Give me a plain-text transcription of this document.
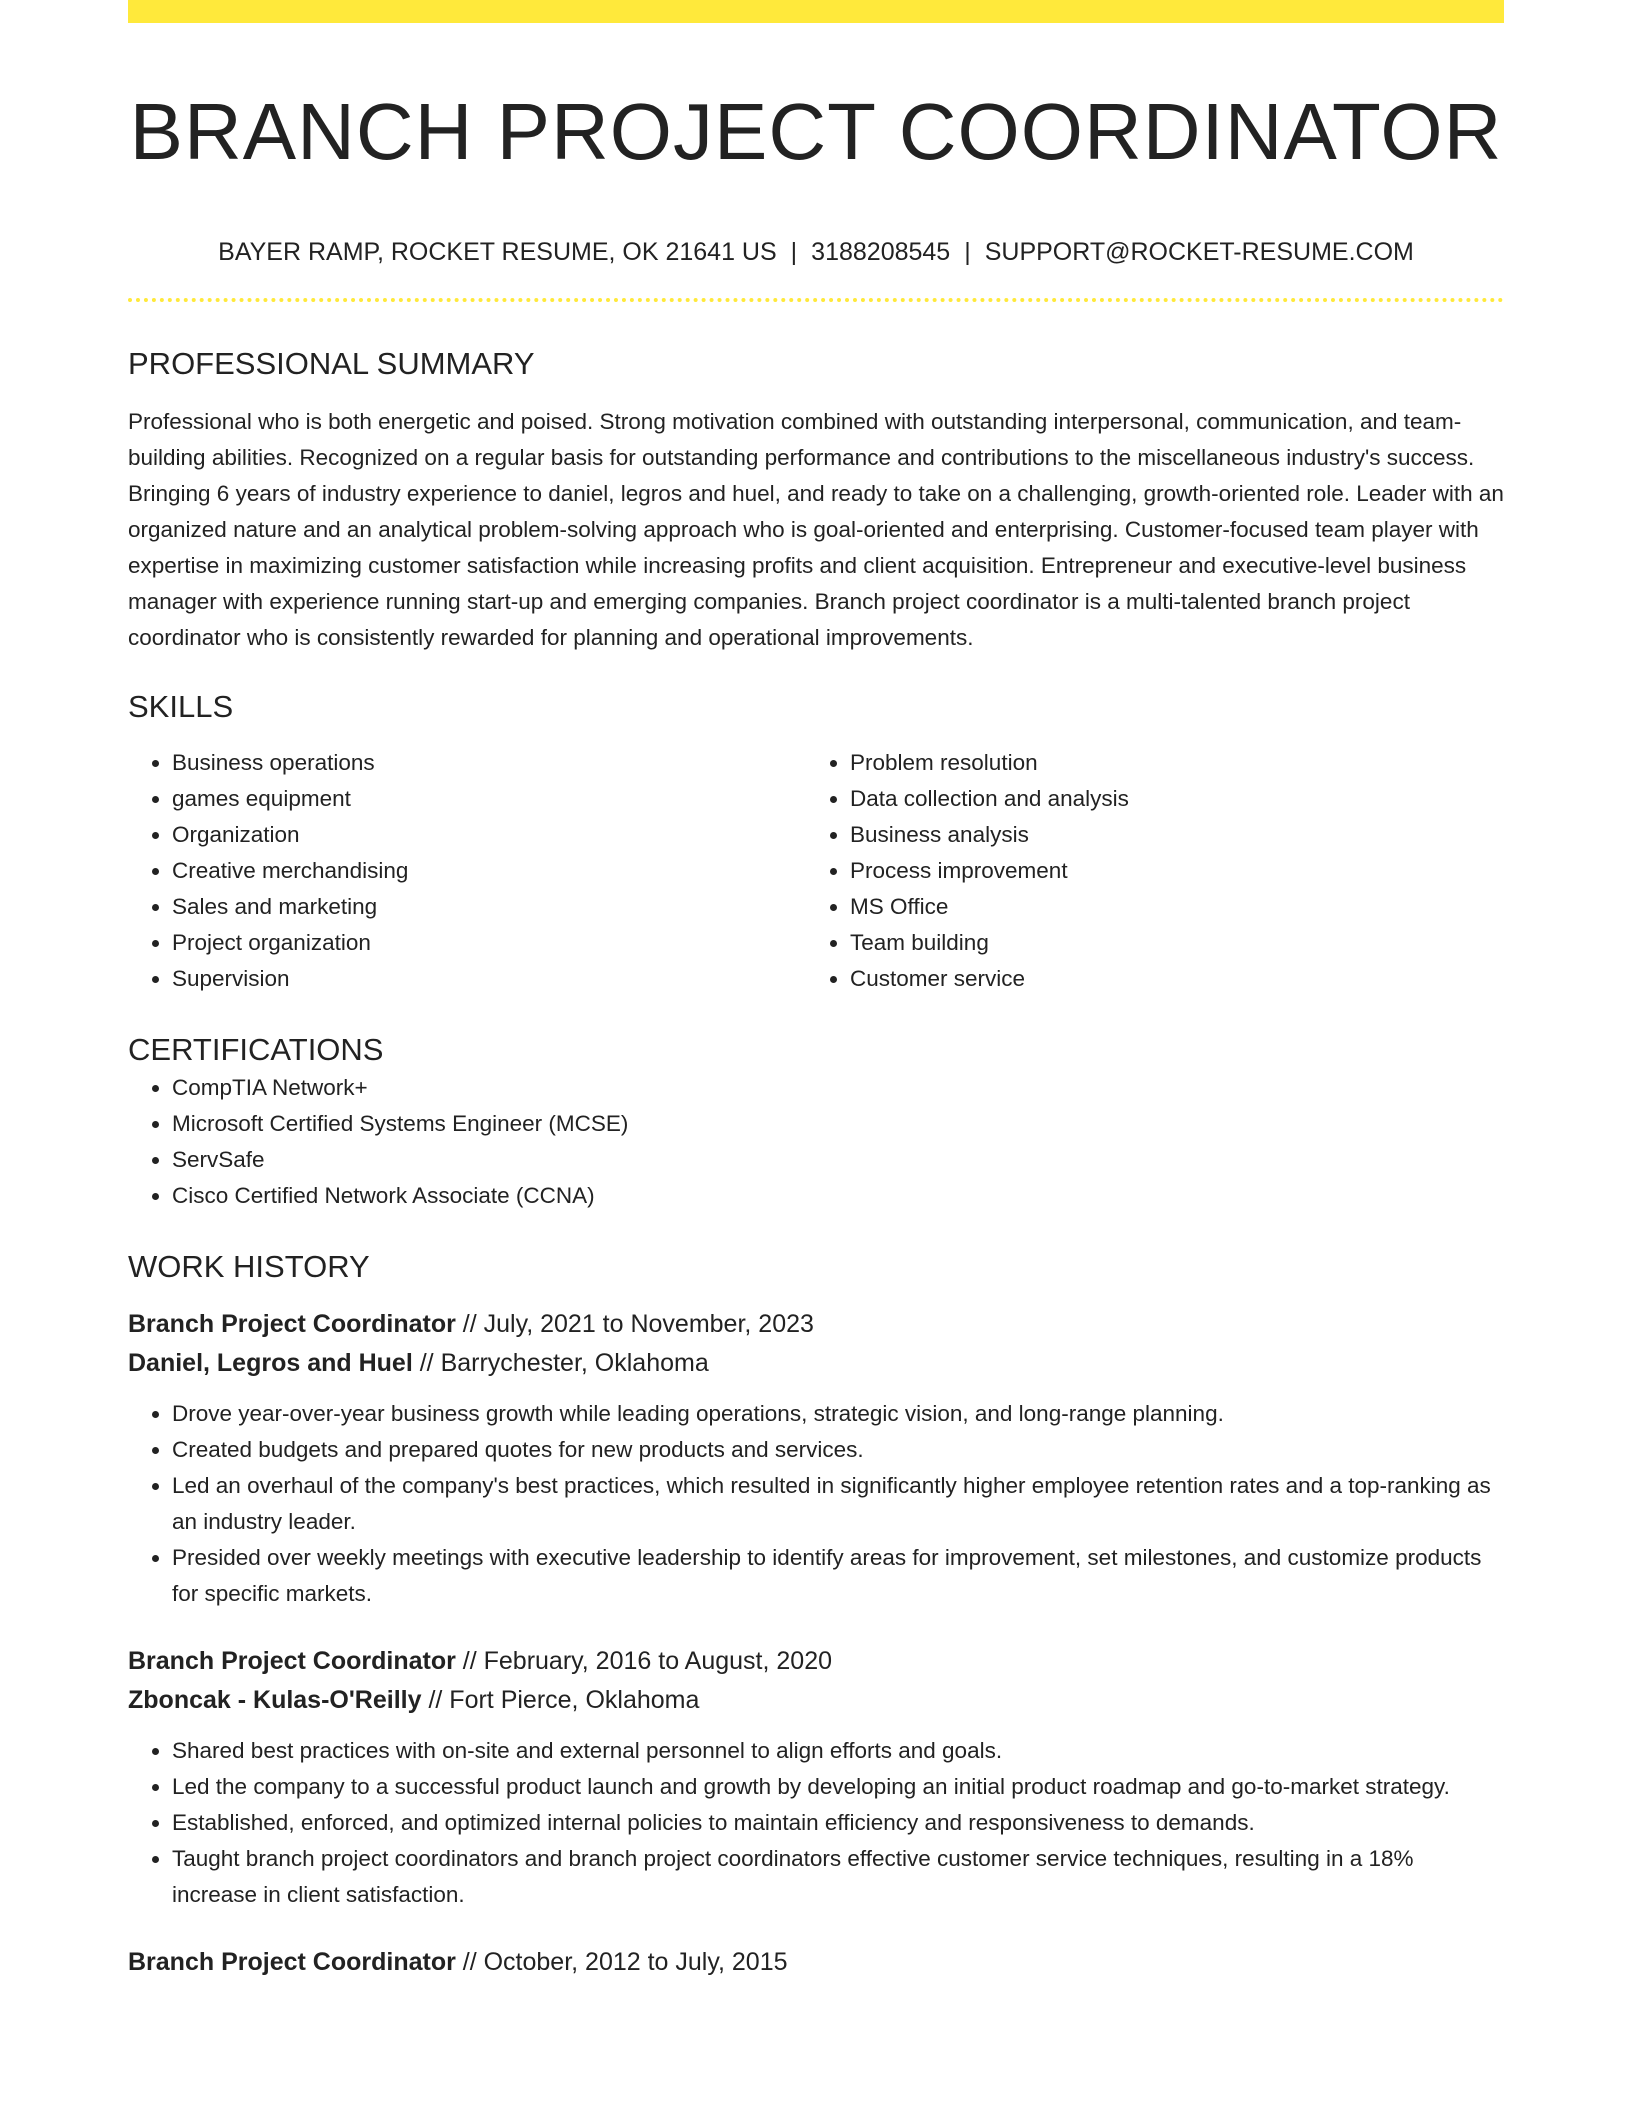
BRANCH PROJECT COORDINATOR
BAYER RAMP, ROCKET RESUME, OK 21641 US | 3188208545 | SUPPORT@ROCKET-RESUME.COM
PROFESSIONAL SUMMARY
Professional who is both energetic and poised. Strong motivation combined with outstanding interpersonal, communication, and team-building abilities. Recognized on a regular basis for outstanding performance and contributions to the miscellaneous industry's success. Bringing 6 years of industry experience to daniel, legros and huel, and ready to take on a challenging, growth-oriented role. Leader with an organized nature and an analytical problem-solving approach who is goal-oriented and enterprising. Customer-focused team player with expertise in maximizing customer satisfaction while increasing profits and client acquisition. Entrepreneur and executive-level business manager with experience running start-up and emerging companies. Branch project coordinator is a multi-talented branch project coordinator who is consistently rewarded for planning and operational improvements.
SKILLS
• Business operations
• games equipment
• Organization
• Creative merchandising
• Sales and marketing
• Project organization
• Supervision
• Problem resolution
• Data collection and analysis
• Business analysis
• Process improvement
• MS Office
• Team building
• Customer service
CERTIFICATIONS
• CompTIA Network+
• Microsoft Certified Systems Engineer (MCSE)
• ServSafe
• Cisco Certified Network Associate (CCNA)
WORK HISTORY
Branch Project Coordinator // July, 2021 to November, 2023
Daniel, Legros and Huel // Barrychester, Oklahoma
• Drove year-over-year business growth while leading operations, strategic vision, and long-range planning.
• Created budgets and prepared quotes for new products and services.
• Led an overhaul of the company's best practices, which resulted in significantly higher employee retention rates and a top-ranking as an industry leader.
• Presided over weekly meetings with executive leadership to identify areas for improvement, set milestones, and customize products for specific markets.
Branch Project Coordinator // February, 2016 to August, 2020
Zboncak - Kulas-O'Reilly // Fort Pierce, Oklahoma
• Shared best practices with on-site and external personnel to align efforts and goals.
• Led the company to a successful product launch and growth by developing an initial product roadmap and go-to-market strategy.
• Established, enforced, and optimized internal policies to maintain efficiency and responsiveness to demands.
• Taught branch project coordinators and branch project coordinators effective customer service techniques, resulting in a 18% increase in client satisfaction.
Branch Project Coordinator // October, 2012 to July, 2015
